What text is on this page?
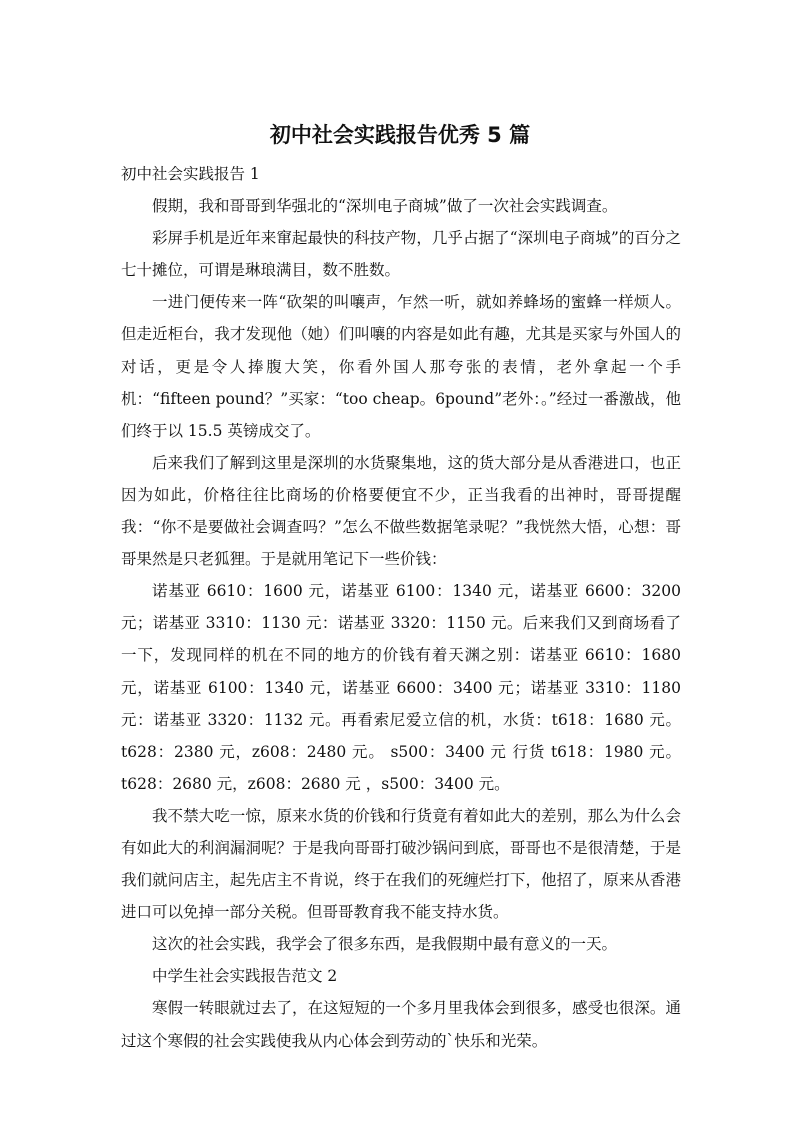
初中社会实践报告优秀 5 篇

初中社会实践报告 1

假期，我和哥哥到华强北的“深圳电子商城”做了一次社会实践调查。

彩屏手机是近年来窜起最快的科技产物，几乎占据了“深圳电子商城”的百分之七十摊位，可谓是琳琅满目，数不胜数。

一进门便传来一阵“砍架的叫嚷声，乍然一听，就如养蜂场的蜜蜂一样烦人。但走近柜台，我才发现他（她）们叫嚷的内容是如此有趣，尤其是买家与外国人的对话，更是令人捧腹大笑，你看外国人那夸张的表情，老外拿起一个手机：“fifteen pound？”买家：“too cheap。6pound”老外：。”经过一番激战，他们终于以 15.5 英镑成交了。

后来我们了解到这里是深圳的水货聚集地，这的货大部分是从香港进口，也正因为如此，价格往往比商场的价格要便宜不少，正当我看的出神时，哥哥提醒我：“你不是要做社会调查吗？”怎么不做些数据笔录呢？”我恍然大悟，心想：哥哥果然是只老狐狸。于是就用笔记下一些价钱：

诺基亚 6610：1600 元，诺基亚 6100：1340 元，诺基亚 6600：3200 元；诺基亚 3310：1130 元：诺基亚 3320：1150 元。后来我们又到商场看了一下，发现同样的机在不同的地方的价钱有着天渊之别：诺基亚 6610：1680 元，诺基亚 6100：1340 元，诺基亚 6600：3400 元；诺基亚 3310：1180 元：诺基亚 3320：1132 元。再看索尼爱立信的机，水货：t618：1680 元。t628：2380 元，z608：2480 元。 s500：3400 元 行货 t618：1980 元。t628：2680 元，z608：2680 元 ，s500：3400 元。

我不禁大吃一惊，原来水货的价钱和行货竟有着如此大的差别，那么为什么会有如此大的利润漏洞呢？于是我向哥哥打破沙锅问到底，哥哥也不是很清楚，于是我们就问店主，起先店主不肯说，终于在我们的死缠烂打下，他招了，原来从香港进口可以免掉一部分关税。但哥哥教育我不能支持水货。

这次的社会实践，我学会了很多东西，是我假期中最有意义的一天。

中学生社会实践报告范文 2

寒假一转眼就过去了，在这短短的一个多月里我体会到很多，感受也很深。通过这个寒假的社会实践使我从内心体会到劳动的`快乐和光荣。
